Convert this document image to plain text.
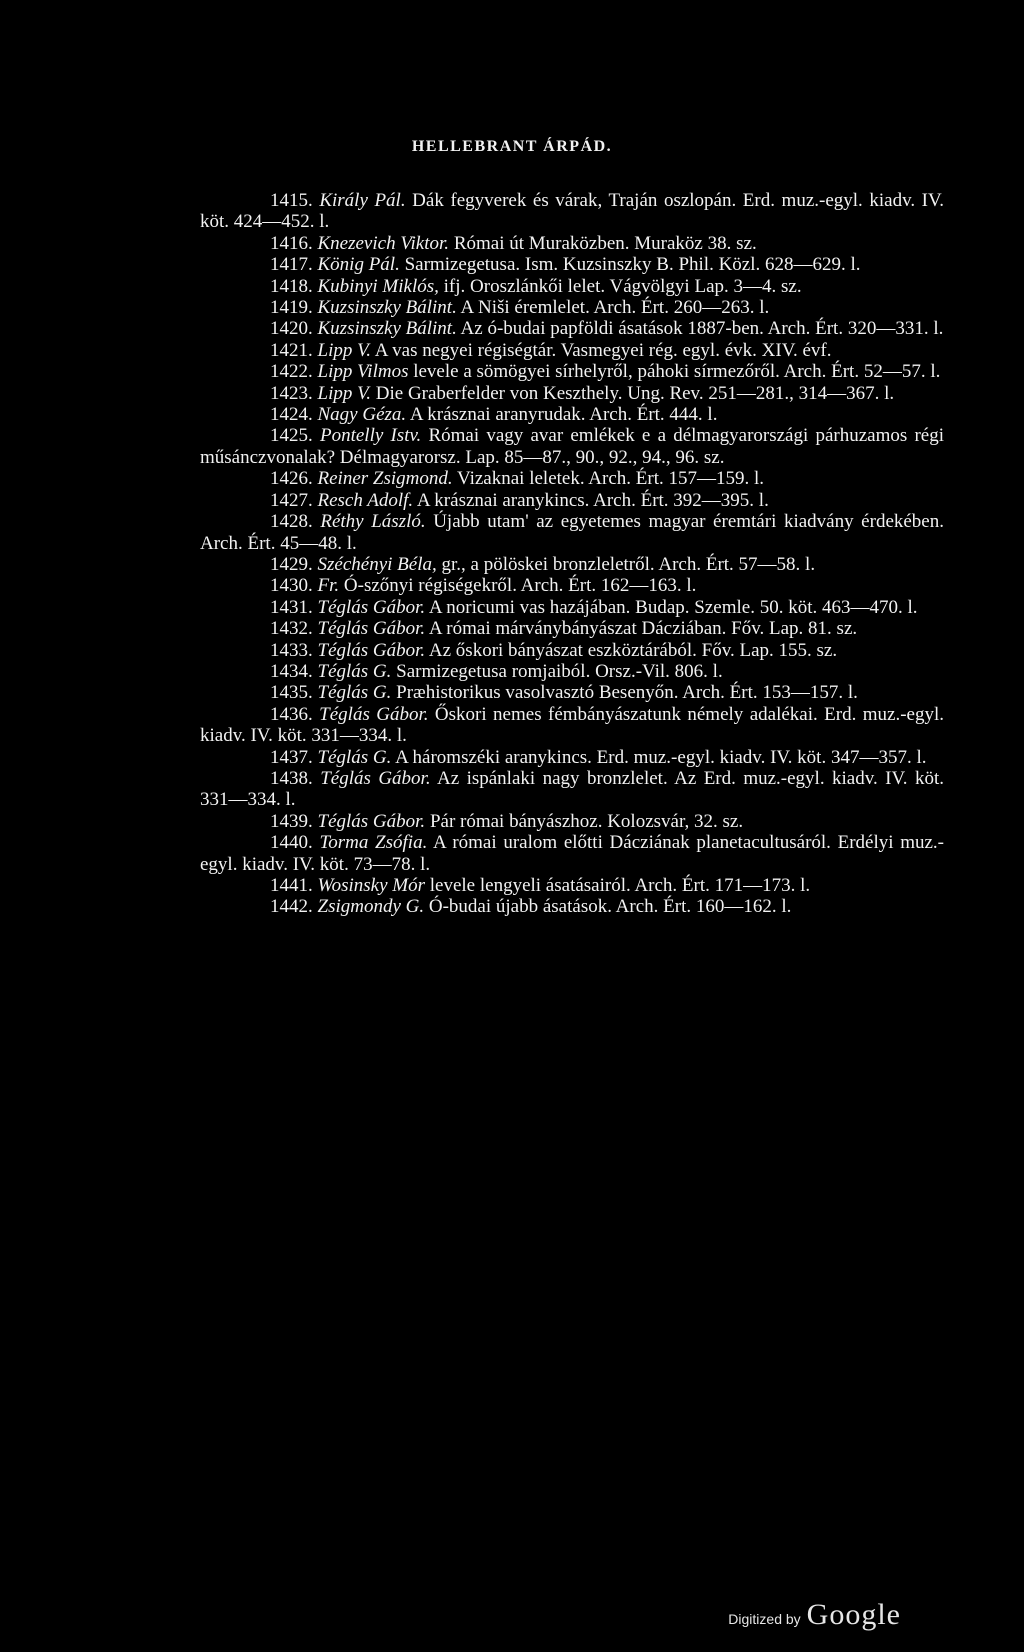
HELLEBRANT ÁRPÁD.

1415. Király Pál. Dák fegyverek és várak, Traján oszlopán. Erd. muz.-egyl. kiadv. IV. köt. 424—452. l.

1416. Knezevich Viktor. Római út Muraközben. Muraköz 38. sz.

1417. König Pál. Sarmizegetusa. Ism. Kuzsinszky B. Phil. Közl. 628—629. l.

1418. Kubinyi Miklós, ifj. Oroszlánkői lelet. Vágvölgyi Lap. 3—4. sz.

1419. Kuzsinszky Bálint. A Niši éremlelet. Arch. Ért. 260—263. l.

1420. Kuzsinszky Bálint. Az ó-budai papföldi ásatások 1887-ben. Arch. Ért. 320—331. l.

1421. Lipp V. A vas negyei régiségtár. Vasmegyei rég. egyl. évk. XIV. évf.

1422. Lipp Vilmos levele a sömögyei sírhelyről, páhoki sírmezőről. Arch. Ért. 52—57. l.

1423. Lipp V. Die Graberfelder von Keszthely. Ung. Rev. 251—281., 314—367. l.

1424. Nagy Géza. A krásznai aranyrudak. Arch. Ért. 444. l.

1425. Pontelly Istv. Római vagy avar emlékek e a délmagyarországi párhuzamos régi műsánczvonalak? Délmagyarorsz. Lap. 85—87., 90., 92., 94., 96. sz.

1426. Reiner Zsigmond. Vizaknai leletek. Arch. Ért. 157—159. l.

1427. Resch Adolf. A krásznai aranykincs. Arch. Ért. 392—395. l.

1428. Réthy László. Újabb utam' az egyetemes magyar éremtári kiadvány érdekében. Arch. Ért. 45—48. l.

1429. Széchényi Béla, gr., a pölöskei bronzleletről. Arch. Ért. 57—58. l.

1430. Fr. Ó-szőnyi régiségekről. Arch. Ért. 162—163. l.

1431. Téglás Gábor. A noricumi vas hazájában. Budap. Szemle. 50. köt. 463—470. l.

1432. Téglás Gábor. A római márványbányászat Dácziában. Főv. Lap. 81. sz.

1433. Téglás Gábor. Az őskori bányászat eszköztárából. Főv. Lap. 155. sz.

1434. Téglás G. Sarmizegetusa romjaiból. Orsz.-Vil. 806. l.

1435. Téglás G. Præhistorikus vasolvasztó Besenyőn. Arch. Ért. 153—157. l.

1436. Téglás Gábor. Őskori nemes fémbányászatunk némely adalékai. Erd. muz.-egyl. kiadv. IV. köt. 331—334. l.

1437. Téglás G. A háromszéki aranykincs. Erd. muz.-egyl. kiadv. IV. köt. 347—357. l.

1438. Téglás Gábor. Az ispánlaki nagy bronzlelet. Az Erd. muz.-egyl. kiadv. IV. köt. 331—334. l.

1439. Téglás Gábor. Pár római bányászhoz. Kolozsvár, 32. sz.

1440. Torma Zsófia. A római uralom előtti Dácziának planetacultusáról. Erdélyi muz.-egyl. kiadv. IV. köt. 73—78. l.

1441. Wosinsky Mór levele lengyeli ásatásairól. Arch. Ért. 171—173. l.

1442. Zsigmondy G. Ó-budai újabb ásatások. Arch. Ért. 160—162. l.

Digitized by Google
